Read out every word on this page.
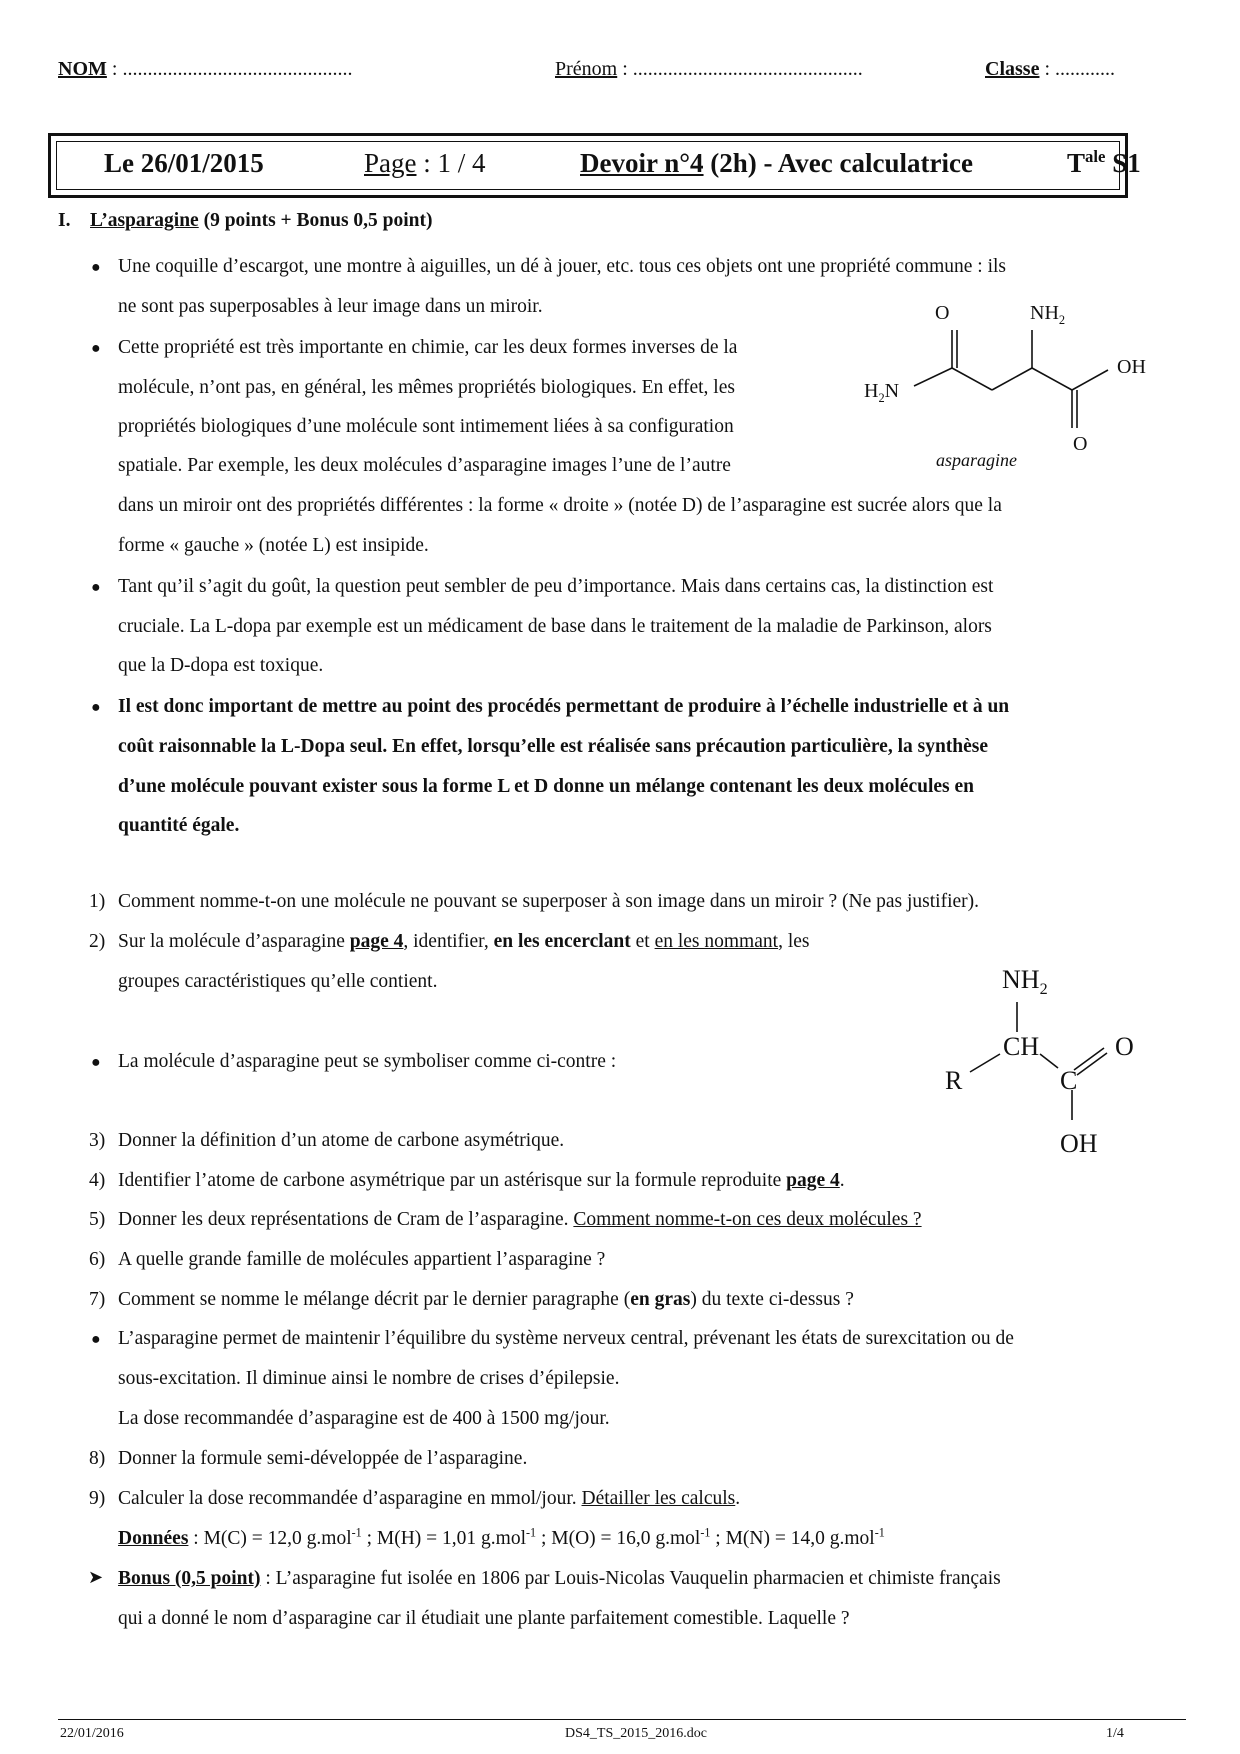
NOM : ..............................................	Prénom : ..............................................	Classe : ............
Le 26/01/2015	Page : 1 / 4	Devoir n°4 (2h) - Avec calculatrice	$T^{ale}$ S1
I. L’asparagine (9 points + Bonus 0,5 point)
● Une coquille d’escargot, une montre à aiguilles, un dé à jouer, etc. tous ces objets ont une propriété commune : ils
ne sont pas superposables à leur image dans un miroir.
● Cette propriété est très importante en chimie, car les deux formes inverses de la
molécule, n’ont pas, en général, les mêmes propriétés biologiques. En effet, les
propriétés biologiques d’une molécule sont intimement liées à sa configuration
spatiale. Par exemple, les deux molécules d’asparagine images l’une de l’autre
dans un miroir ont des propriétés différentes : la forme « droite » (notée D) de l’asparagine est sucrée alors que la
forme « gauche » (notée L) est insipide.
● Tant qu’il s’agit du goût, la question peut sembler de peu d’importance. Mais dans certains cas, la distinction est
cruciale. La L-dopa par exemple est un médicament de base dans le traitement de la maladie de Parkinson, alors
que la D-dopa est toxique.
● Il est donc important de mettre au point des procédés permettant de produire à l’échelle industrielle et à un
coût raisonnable la L-Dopa seul. En effet, lorsqu’elle est réalisée sans précaution particulière, la synthèse
d’une molécule pouvant exister sous la forme L et D donne un mélange contenant les deux molécules en
quantité égale.
O	$NH_2$
OH
$H_2N$
O
asparagine
1) Comment nomme-t-on une molécule ne pouvant se superposer à son image dans un miroir ? (Ne pas justifier).
2) Sur la molécule d’asparagine page 4, identifier, en les encerclant et en les nommant, les
groupes caractéristiques qu’elle contient.
● La molécule d’asparagine peut se symboliser comme ci-contre :
$NH_2$
CH	O
R	C
OH
3) Donner la définition d’un atome de carbone asymétrique.
4) Identifier l’atome de carbone asymétrique par un astérisque sur la formule reproduite page 4.
5) Donner les deux représentations de Cram de l’asparagine. Comment nomme-t-on ces deux molécules ?
6) A quelle grande famille de molécules appartient l’asparagine ?
7) Comment se nomme le mélange décrit par le dernier paragraphe (en gras) du texte ci-dessus ?
● L’asparagine permet de maintenir l’équilibre du système nerveux central, prévenant les états de surexcitation ou de
sous-excitation. Il diminue ainsi le nombre de crises d’épilepsie.
La dose recommandée d’asparagine est de 400 à 1500 mg/jour.
8) Donner la formule semi-développée de l’asparagine.
9) Calculer la dose recommandée d’asparagine en mmol/jour. Détailler les calculs.
Données : M(C) = 12,0 g.mol$^{-1}$ ; M(H) = 1,01 g.mol$^{-1}$ ; M(O) = 16,0 g.mol$^{-1}$ ; M(N) = 14,0 g.mol$^{-1}$
➤ Bonus (0,5 point) : L’asparagine fut isolée en 1806 par Louis-Nicolas Vauquelin pharmacien et chimiste français
qui a donné le nom d’asparagine car il étudiait une plante parfaitement comestible. Laquelle ?
22/01/2016	DS4_TS_2015_2016.doc	1/4
